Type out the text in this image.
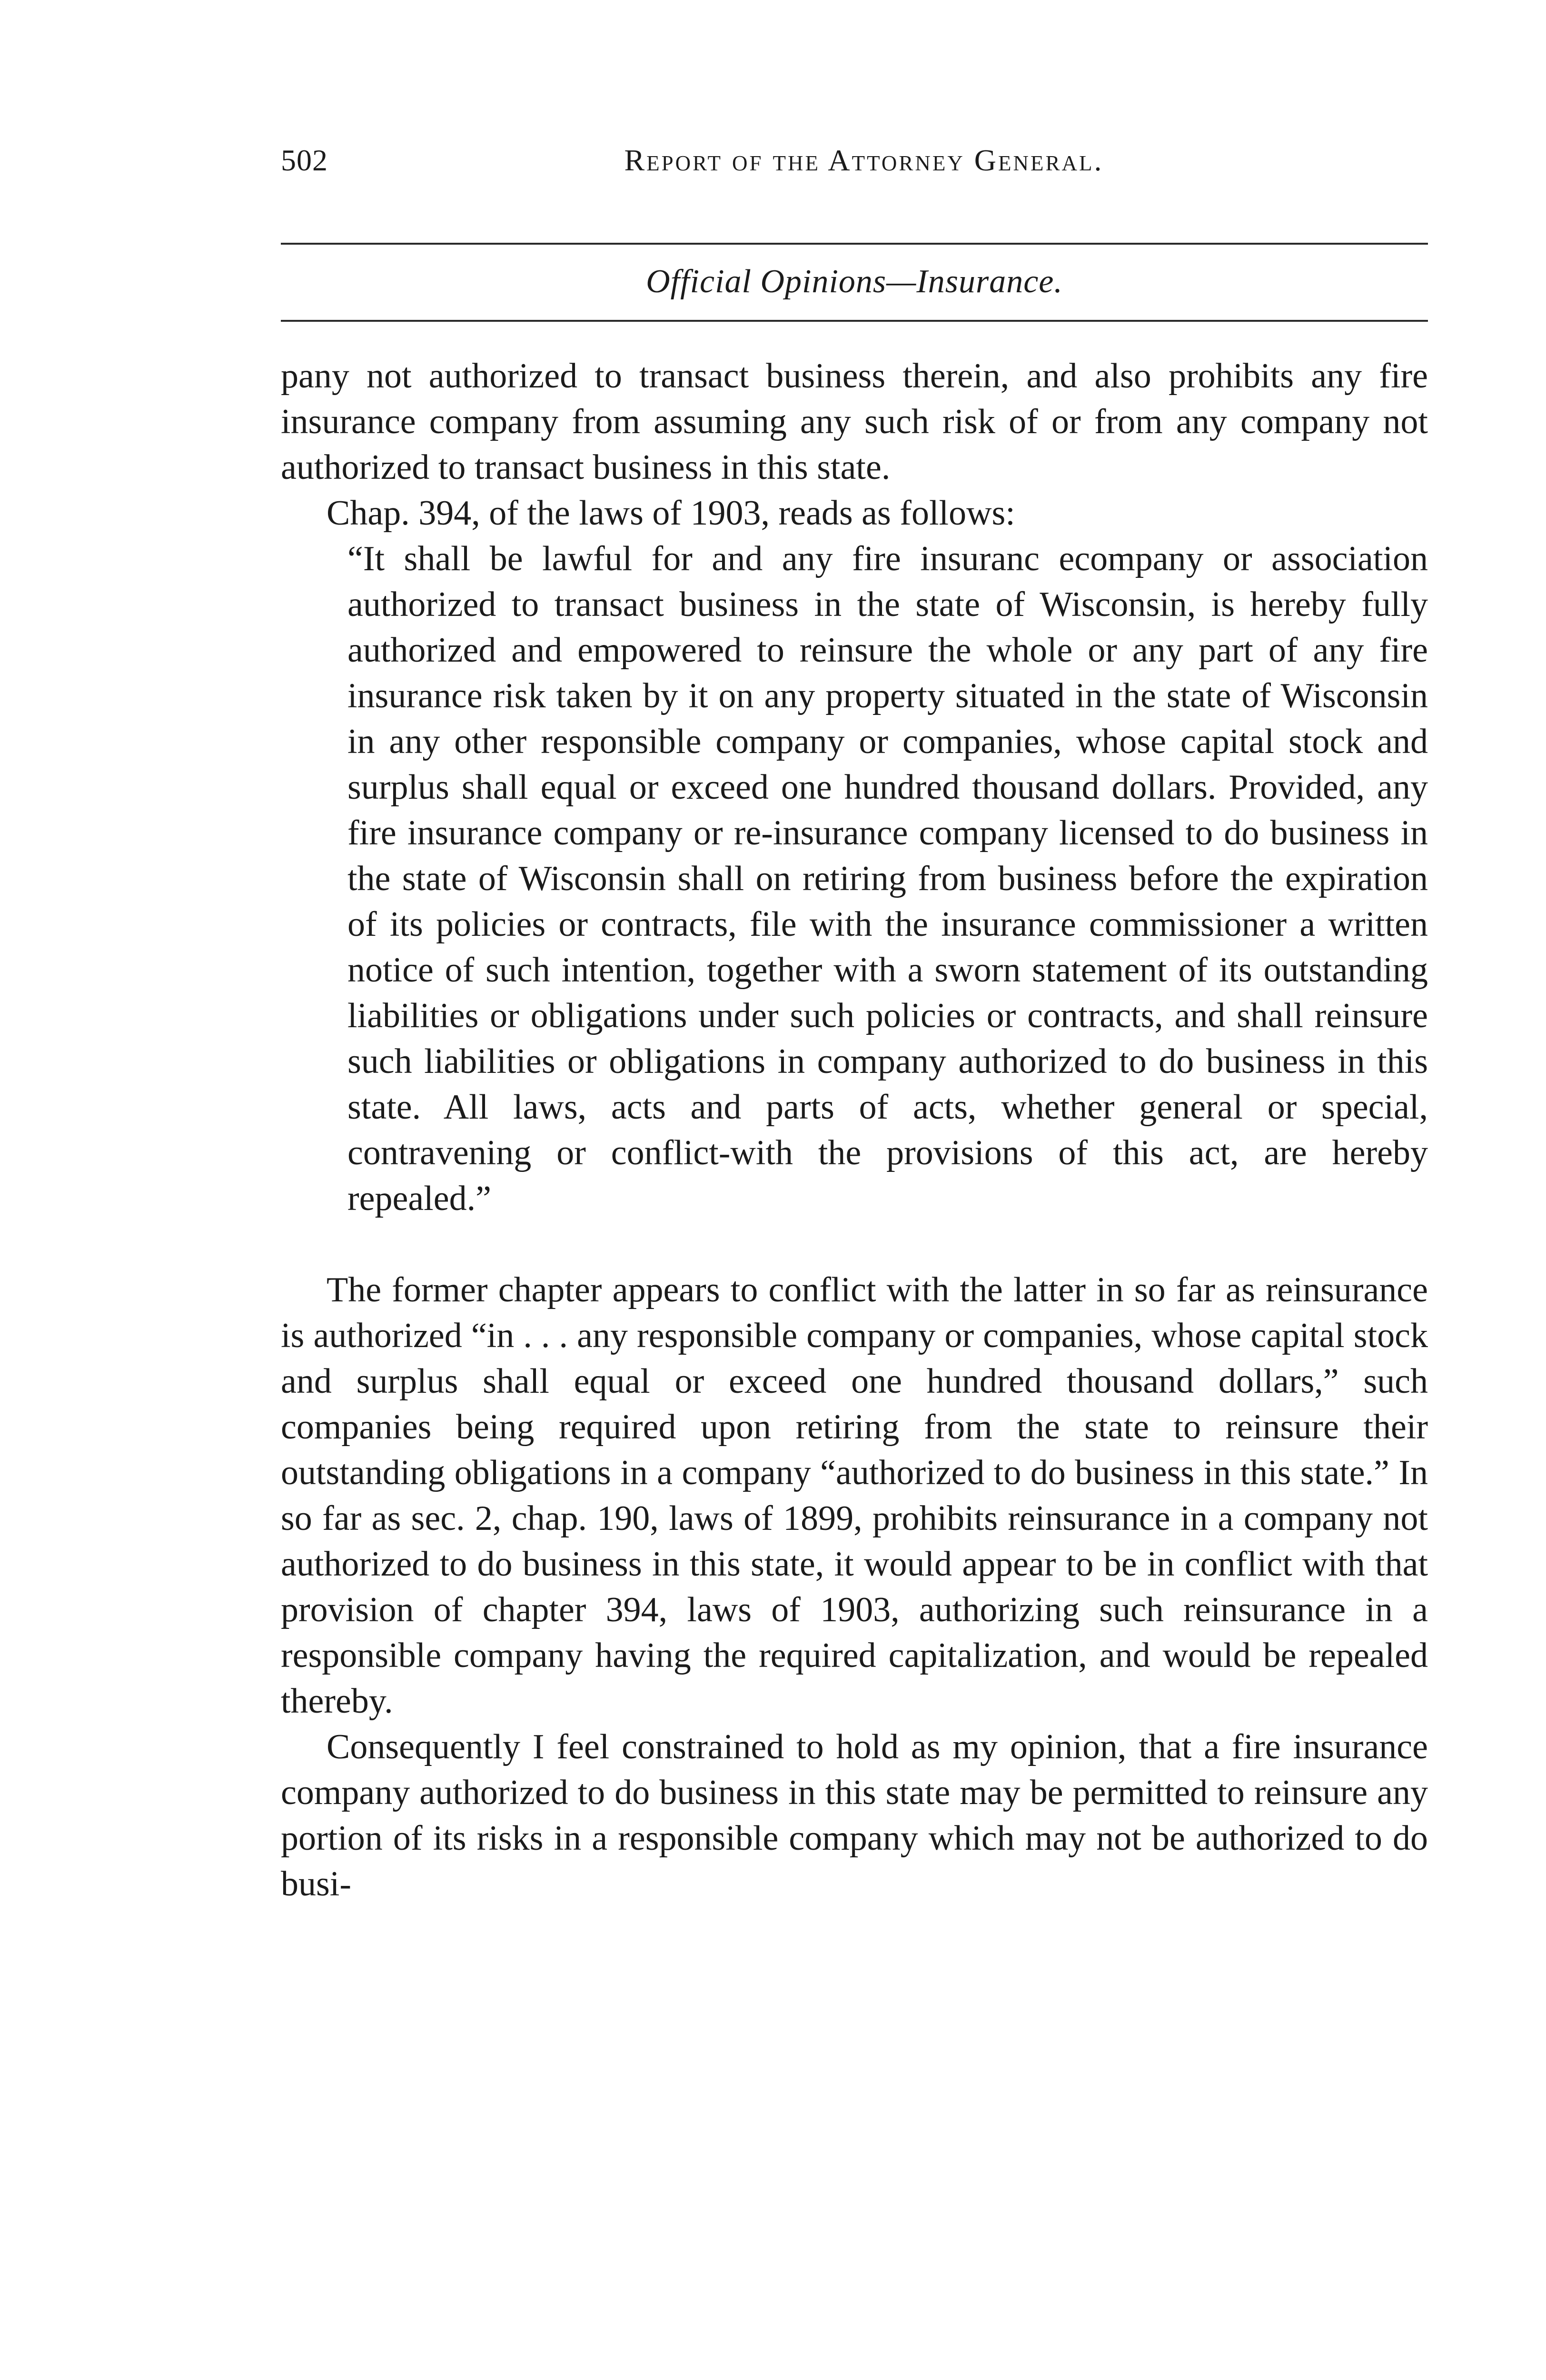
502	Report of the Attorney General.
Official Opinions—Insurance.

pany not authorized to transact business therein, and also prohibits any fire insurance company from assuming any such risk of or from any company not authorized to transact business in this state.

Chap. 394, of the laws of 1903, reads as follows:

“It shall be lawful for and any fire insuranc ecompany or association authorized to transact business in the state of Wisconsin, is hereby fully authorized and empowered to reinsure the whole or any part of any fire insurance risk taken by it on any property situated in the state of Wisconsin in any other responsible company or companies, whose capital stock and surplus shall equal or exceed one hundred thousand dollars. Provided, any fire insurance company or re-insurance company licensed to do business in the state of Wisconsin shall on retiring from business before the expiration of its policies or contracts, file with the insurance commissioner a written notice of such intention, together with a sworn statement of its outstanding liabilities or obligations under such policies or contracts, and shall reinsure such liabilities or obligations in company authorized to do business in this state. All laws, acts and parts of acts, whether general or special, contravening or conflict-with the provisions of this act, are hereby repealed.”

The former chapter appears to conflict with the latter in so far as reinsurance is authorized “in . . . any responsible company or companies, whose capital stock and surplus shall equal or exceed one hundred thousand dollars,” such companies being required upon retiring from the state to reinsure their outstanding obligations in a company “authorized to do business in this state.” In so far as sec. 2, chap. 190, laws of 1899, prohibits reinsurance in a company not authorized to do business in this state, it would appear to be in conflict with that provision of chapter 394, laws of 1903, authorizing such reinsurance in a responsible company having the required capitalization, and would be repealed thereby.

Consequently I feel constrained to hold as my opinion, that a fire insurance company authorized to do business in this state may be permitted to reinsure any portion of its risks in a responsible company which may not be authorized to do busi-
